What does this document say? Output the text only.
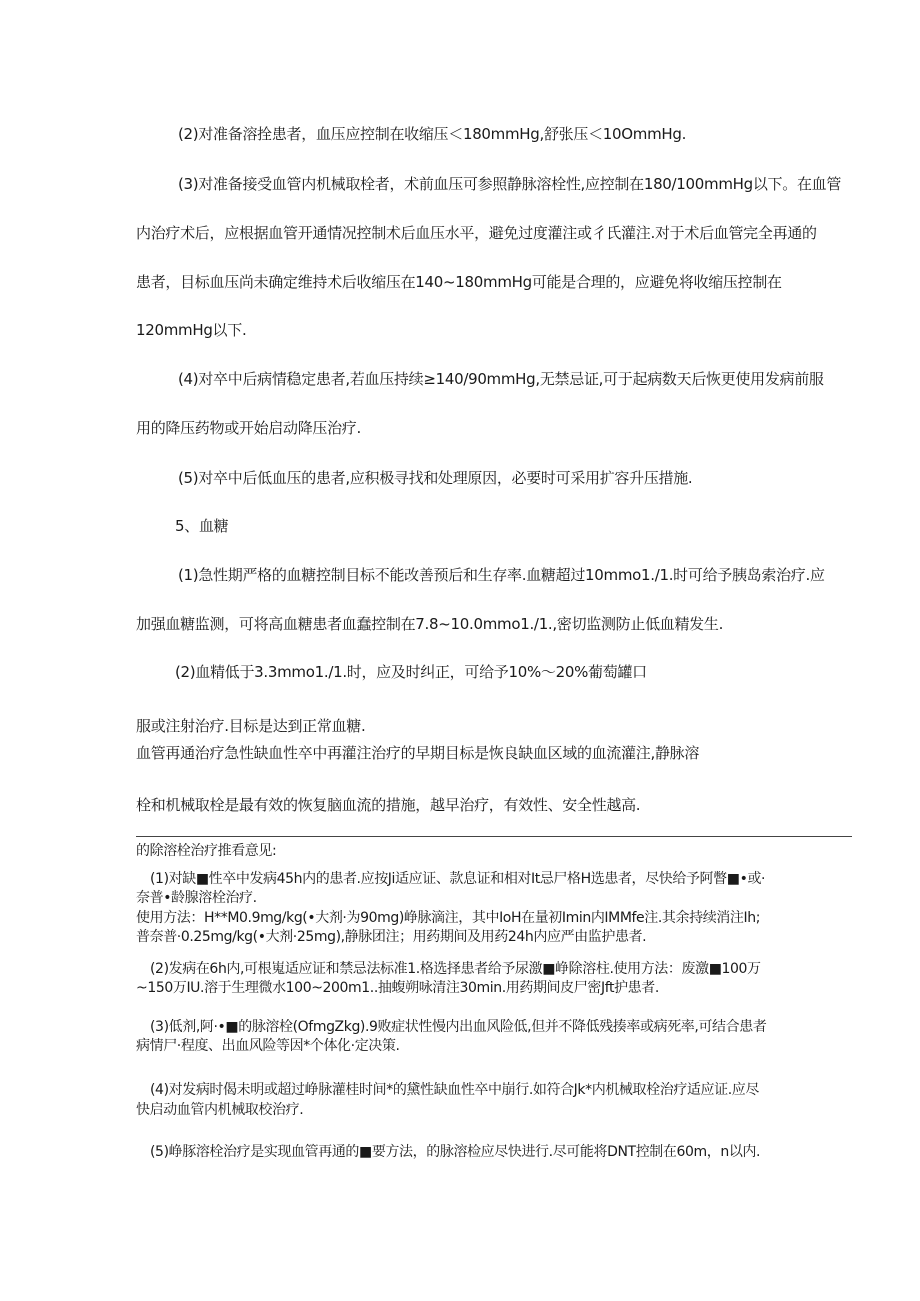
(2)对准备溶拴患者，血压应控制在收缩压＜180mmHg,舒张压＜10OmmHg.
(3)对准备接受血管内机械取栓者，术前血压可参照静脉溶栓性,应控制在180/100mmHg以下。在血管
内治疗术后，应根据血管开通情况控制术后血压水平，避免过度灌注或彳氏灌注.对于术后血管完全再通的
患者，目标血压尚未确定维持术后收缩压在140~180mmHg可能是合理的，应避免将收缩压控制在
120mmHg以下.
(4)对卒中后病情稳定患者,若血压持续≥140/90mmHg,无禁忌证,可于起病数天后恢更使用发病前服
用的降压药物或开始启动降压治疗.
(5)对卒中后低血压的患者,应积极寻找和处理原因，必要时可采用扩容升压措施.
5、血糖
(1)急性期严格的血糖控制目标不能改善预后和生存率.血糖超过10mmo1./1.时可给予胰岛索治疗.应
加强血糖监测，可将高血糖患者血蠢控制在7.8~10.0mmo1./1.,密切监测防止低血精发生.
(2)血精低于3.3mmo1./1.时，应及时纠正，可给予10%〜20%葡萄罐口
服或注射治疗.目标是达到正常血糖.
血管再通治疗急性缺血性卒中再灌注治疗的早期目标是恢良缺血区域的血流灌注,静脉溶
栓和机械取栓是最有效的恢复脑血流的措施，越早治疗，有效性、安全性越高.
的除溶栓治疗推看意见:
(1)对缺■性卒中发病45h内的患者.应按Ji适应证、款息证和相对It忌尸格H选患者，尽快给予阿瞥■•或·
奈普•龄腺溶栓治疗.
使用方法：H**M0.9mg/kg(•大剂·为90mg)峥脉滴注，其中IoH在量初Imin内IMMfe注.其余持续消注Ih;
普奈普·0.25mg/kg(•大剂·25mg),静脉团注；用药期间及用药24h内应严由监护患者.
(2)发病在6h内,可根嵬适应证和禁忌法标准1.格选择患者给予尿激■峥除溶柱.使用方法：废激■100万
~150万IU.溶于生理微水100~200m1..抽蝮朔咏清注30min.用药期间皮尸密Jft护患者.
(3)低剂,阿·•■的脉溶栓(OfmgZkg).9败症状性慢内出血风险低,但并不降低残揍率或病死率,可结合患者
病情尸·程度、出血风险等因*个体化·定决策.
(4)对发病时偈未明或超过峥脉灌桂时间*的黛性缺血性卒中崩行.如符合Jk*内机械取栓治疗适应证.应尽
快启动血管内机械取校治疗.
(5)峥豚溶栓治疗是实现血管再通的■要方法，的脉溶检应尽快进行.尽可能将DNT控制在60m，n以内.
